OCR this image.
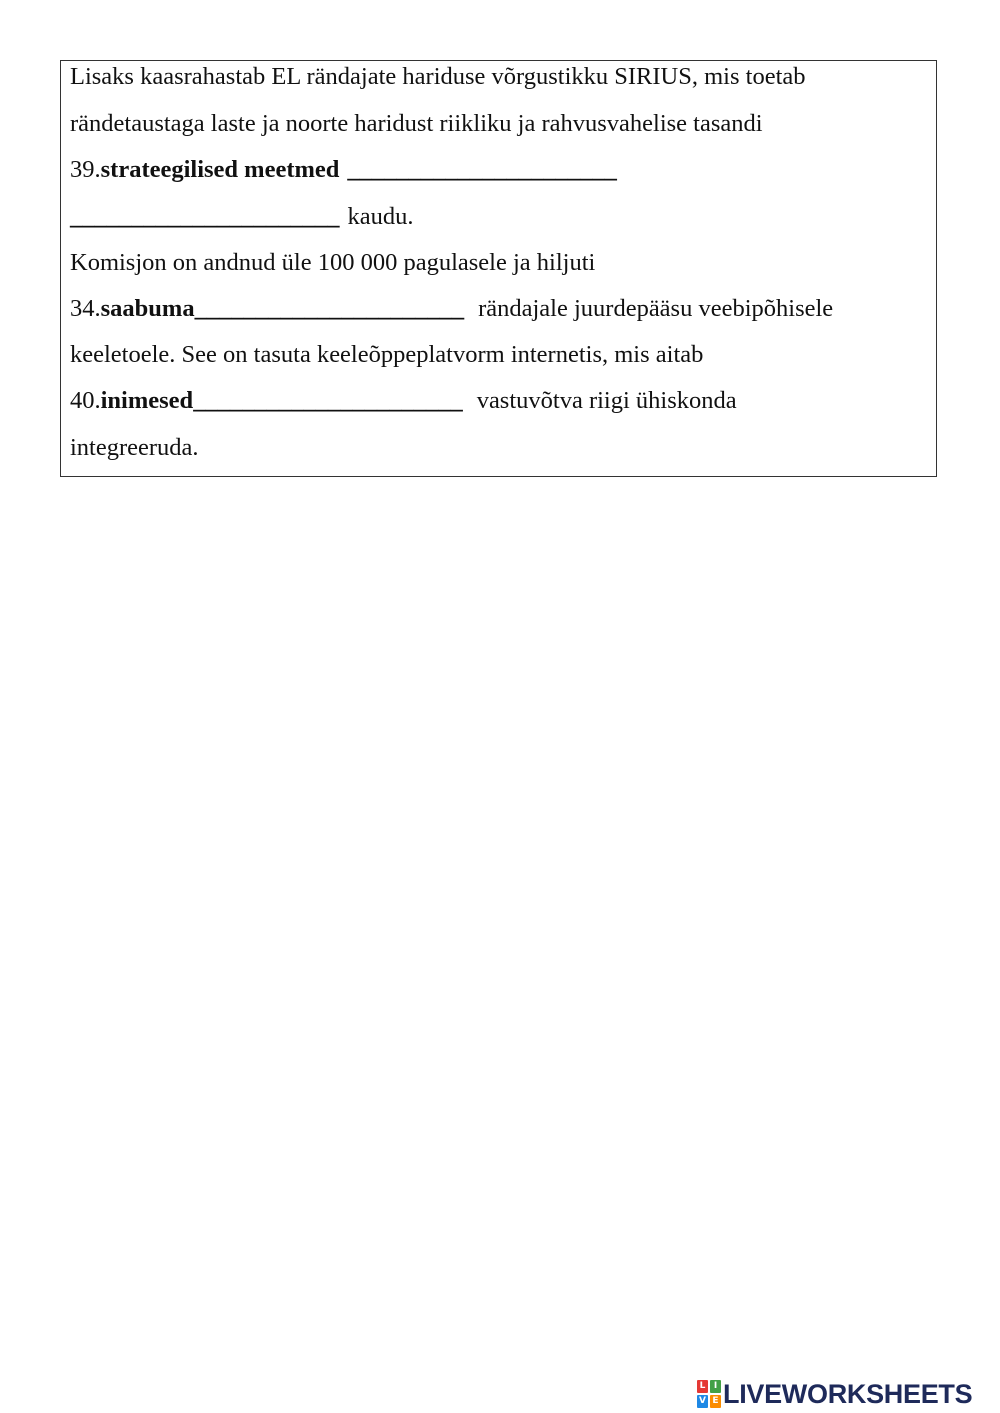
Lisaks kaasrahastab EL rändajate hariduse võrgustikku SIRIUS, mis toetab
rändetaustaga laste ja noorte haridust riikliku ja rahvusvahelise tasandi
39.strateegilised meetmed ______________________
______________________ kaudu.
Komisjon on andnud üle 100 000 pagulasele ja hiljuti
34.saabuma______________________ rändajale juurdepääsu veebipõhisele
keeletoele. See on tasuta keeleõppeplatvorm internetis, mis aitab
40.inimesed______________________ vastuvõtva riigi ühiskonda
integreeruda.
L I
V E LIVEWORKSHEETS
